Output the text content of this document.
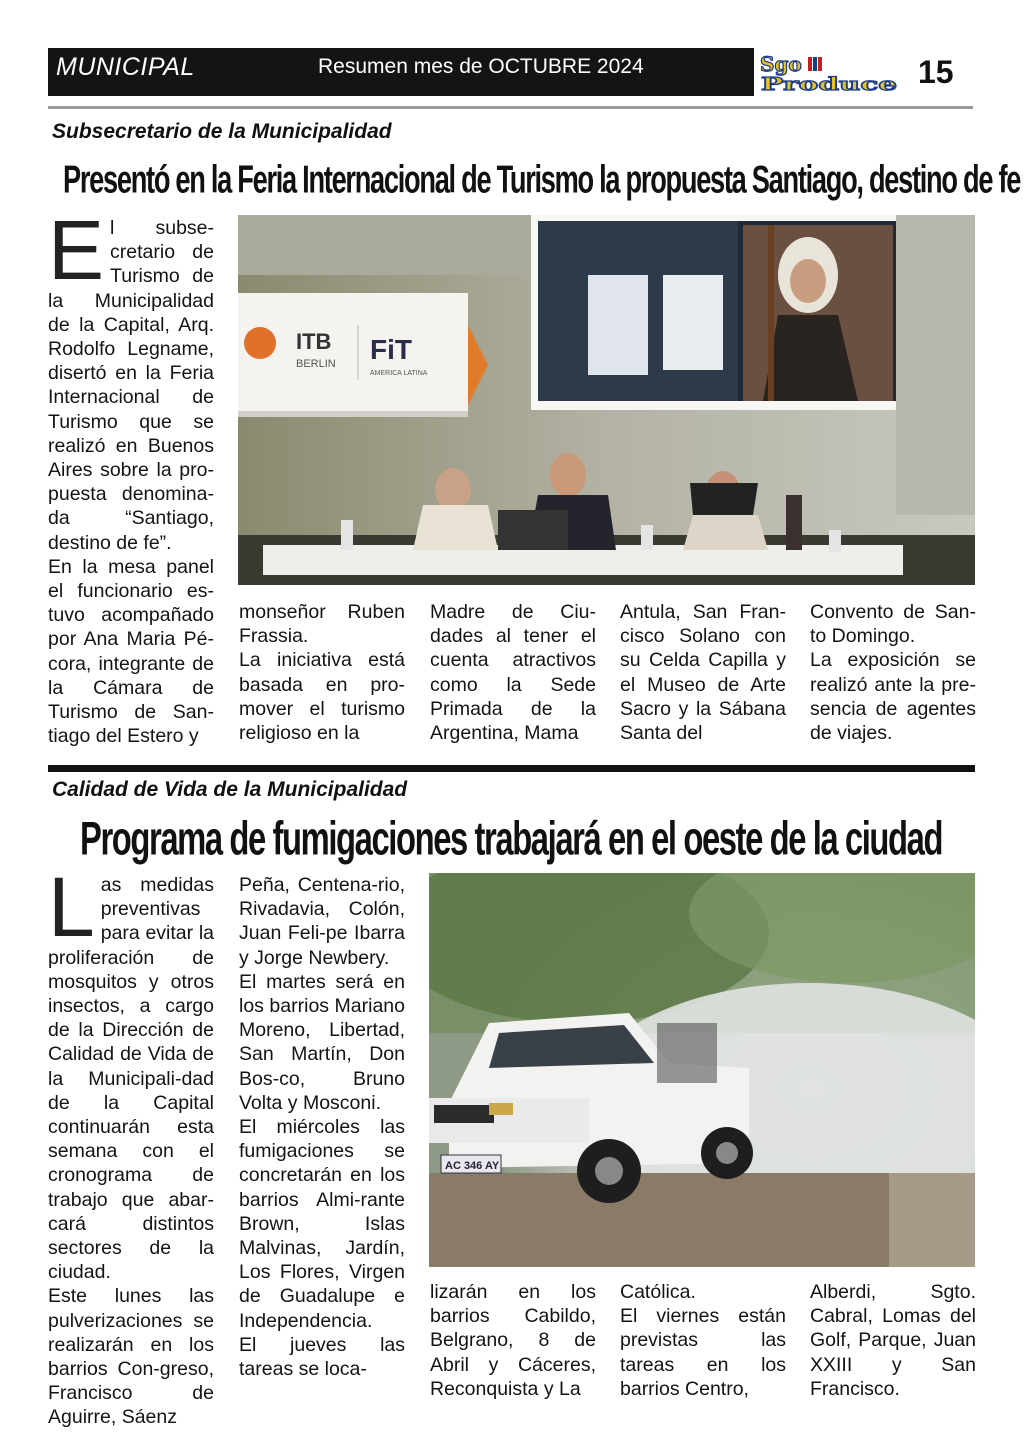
MUNICIPAL	Resumen mes de OCTUBRE 2024	Sgo
Produce 15
Subsecretario de la Municipalidad
Presentó en la Feria Internacional de Turismo la propuesta Santiago, destino de fe
ITB
BERLIN FiT
AMERICA LATINA

El subse-cretario de Turismo de la Municipalidad de la Capital, Arq. Rodolfo Legname, disertó en la Feria Internacional de Turismo que se realizó en Buenos Aires sobre la pro-puesta denomina-da “Santiago, destino de fe”.

En la mesa panel el funcionario es-tuvo acompañado por Ana Maria Pé-cora, integrante de la Cámara de Turismo de San-tiago del Estero y

monseñor Ruben Frassia.

La iniciativa está basada en pro-mover el turismo religioso en la

Madre de Ciu-dades al tener el cuenta atractivos como la Sede Primada de la Argentina, Mama

Antula, San Fran-cisco Solano con su Celda Capilla y el Museo de Arte Sacro y la Sábana Santa del

Convento de San-to Domingo.

La exposición se realizó ante la pre-sencia de agentes de viajes.

Calidad de Vida de la Municipalidad
Programa de fumigaciones trabajará en el oeste de la ciudad
AC 346 AY

Las medidas preventivas para evitar la proliferación de mosquitos y otros insectos, a cargo de la Dirección de Calidad de Vida de la Municipali-dad de la Capital continuarán esta semana con el cronograma de trabajo que abar-cará distintos sectores de la ciudad.

Este lunes las pulverizaciones se realizarán en los barrios Con-greso, Francisco de Aguirre, Sáenz

Peña, Centena-rio, Rivadavia, Colón, Juan Feli-pe Ibarra y Jorge Newbery.

El martes será en los barrios Mariano Moreno, Libertad, San Martín, Don Bos-co, Bruno Volta y Mosconi.

El miércoles las fumigaciones se concretarán en los barrios Almi-rante Brown, Islas Malvinas, Jardín, Los Flores, Virgen de Guadalupe e Independencia.

El jueves las tareas se loca-

lizarán en los barrios Cabildo, Belgrano, 8 de Abril y Cáceres, Reconquista y La

Católica.

El viernes están previstas las tareas en los barrios Centro,

Alberdi, Sgto. Cabral, Lomas del Golf, Parque, Juan XXIII y San Francisco.
